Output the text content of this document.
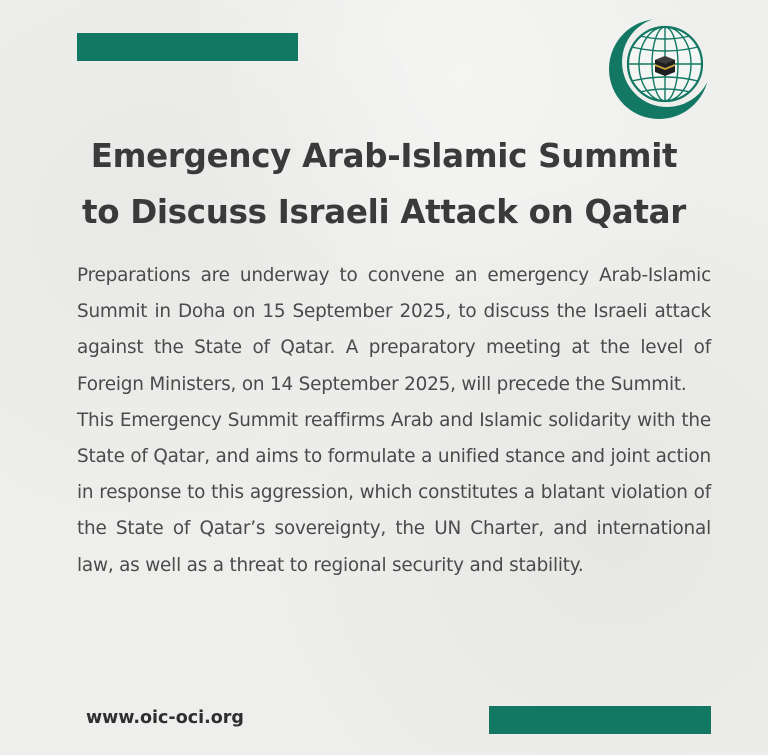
Emergency Arab-Islamic Summit
to Discuss Israeli Attack on Qatar

Preparations are underway to convene an emergency Arab-Islamic Summit in Doha on 15 September 2025, to discuss the Israeli attack against the State of Qatar. A preparatory meeting at the level of Foreign Ministers, on 14 September 2025, will precede the Summit.

This Emergency Summit reaffirms Arab and Islamic solidarity with the State of Qatar, and aims to formulate a unified stance and joint action in response to this aggression, which constitutes a blatant violation of the State of Qatar’s sovereignty, the UN Charter, and international law, as well as a threat to regional security and stability.

www.oic-oci.org
